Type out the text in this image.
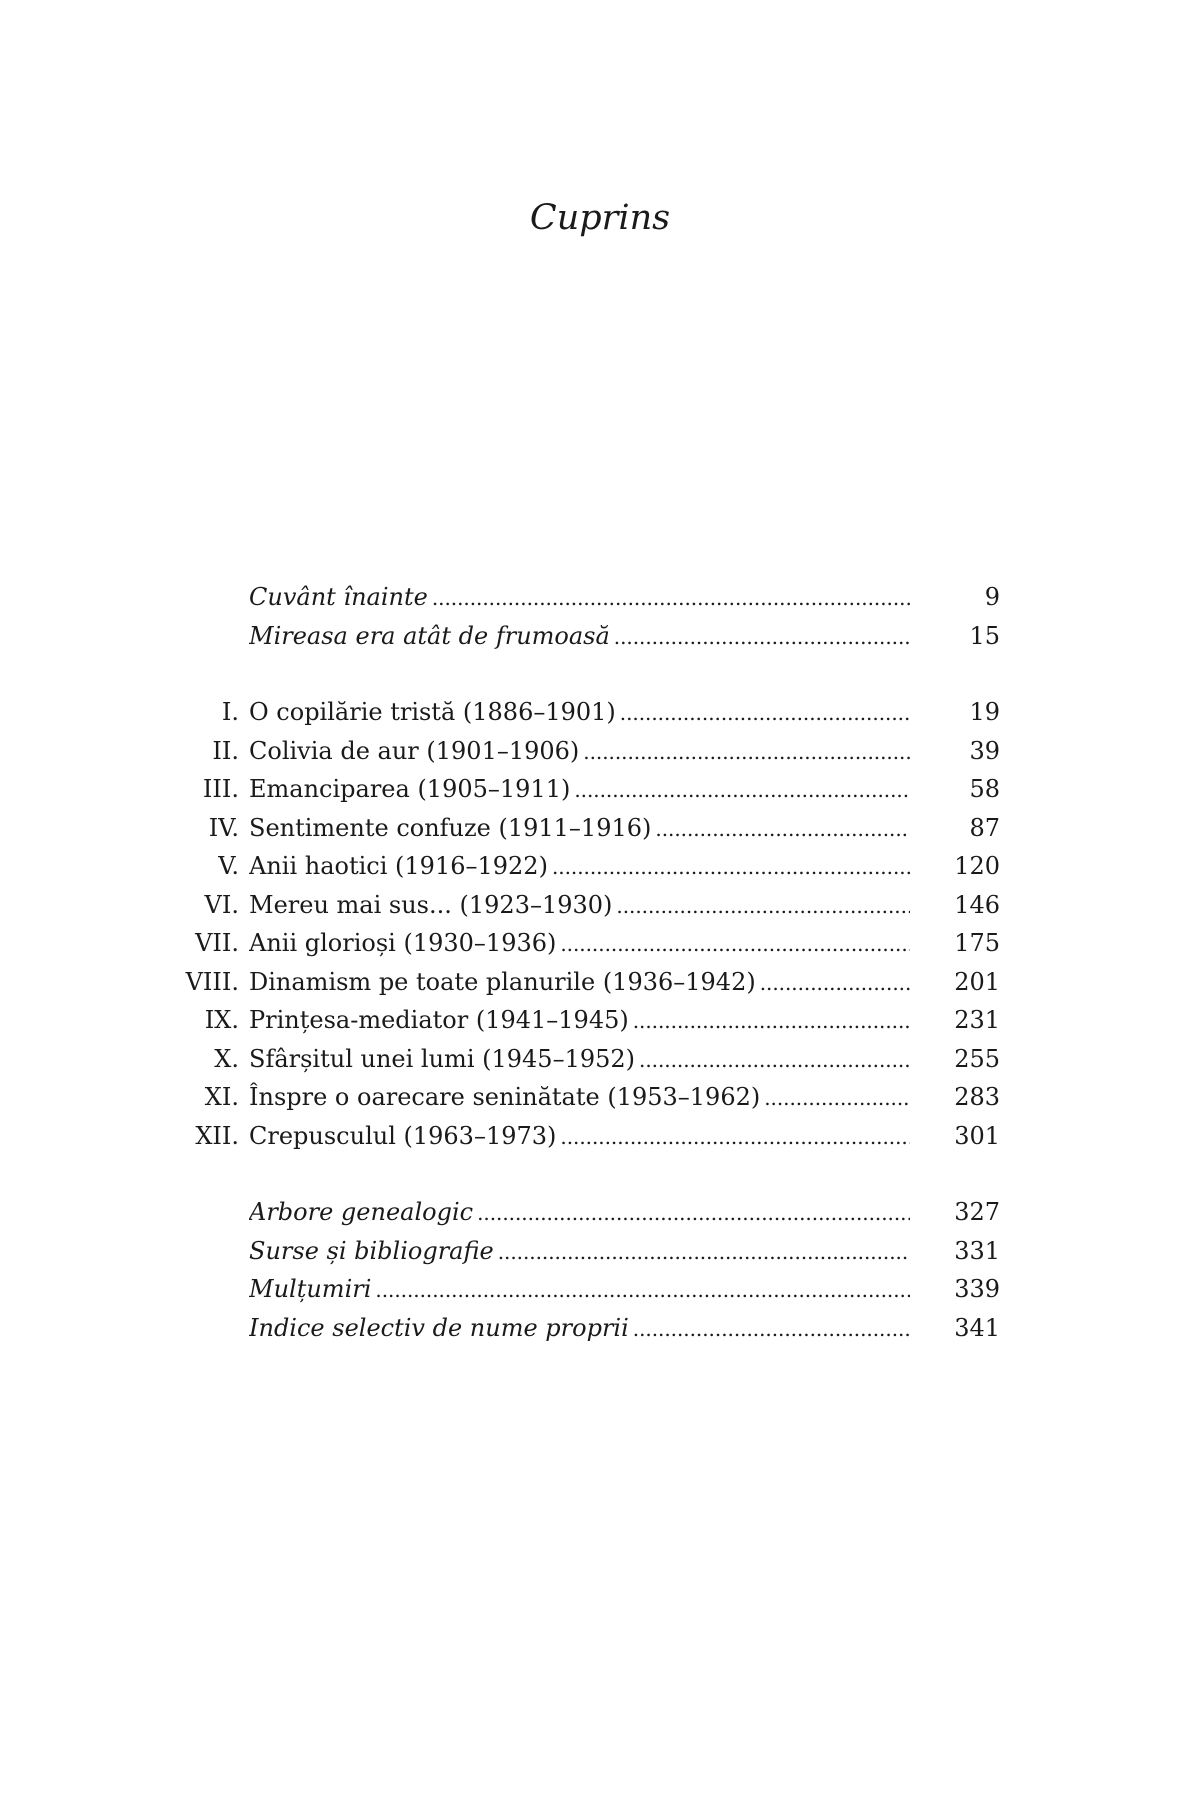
Cuprins
Cuvânt înainte . . .	9
Mireasa era atât de frumoasă . . .	15
I. O copilărie tristă (1886–1901) . . .	19
II. Colivia de aur (1901–1906) . . .	39
III. Emanciparea (1905–1911) . . .	58
IV. Sentimente confuze (1911–1916) . . .	87
V. Anii haotici (1916–1922) . . .	120
VI. Mereu mai sus... (1923–1930) . . .	146
VII. Anii glorioși (1930–1936) . . .	175
VIII. Dinamism pe toate planurile (1936–1942) . . .	201
IX. Prințesa-mediator (1941–1945) . . .	231
X. Sfârșitul unei lumi (1945–1952) . . .	255
XI. Înspre o oarecare seninătate (1953–1962) . . .	283
XII. Crepusculul (1963–1973) . . .	301
Arbore genealogic . . .	327
Surse și bibliografie . . .	331
Mulțumiri . . .	339
Indice selectiv de nume proprii . . .	341
